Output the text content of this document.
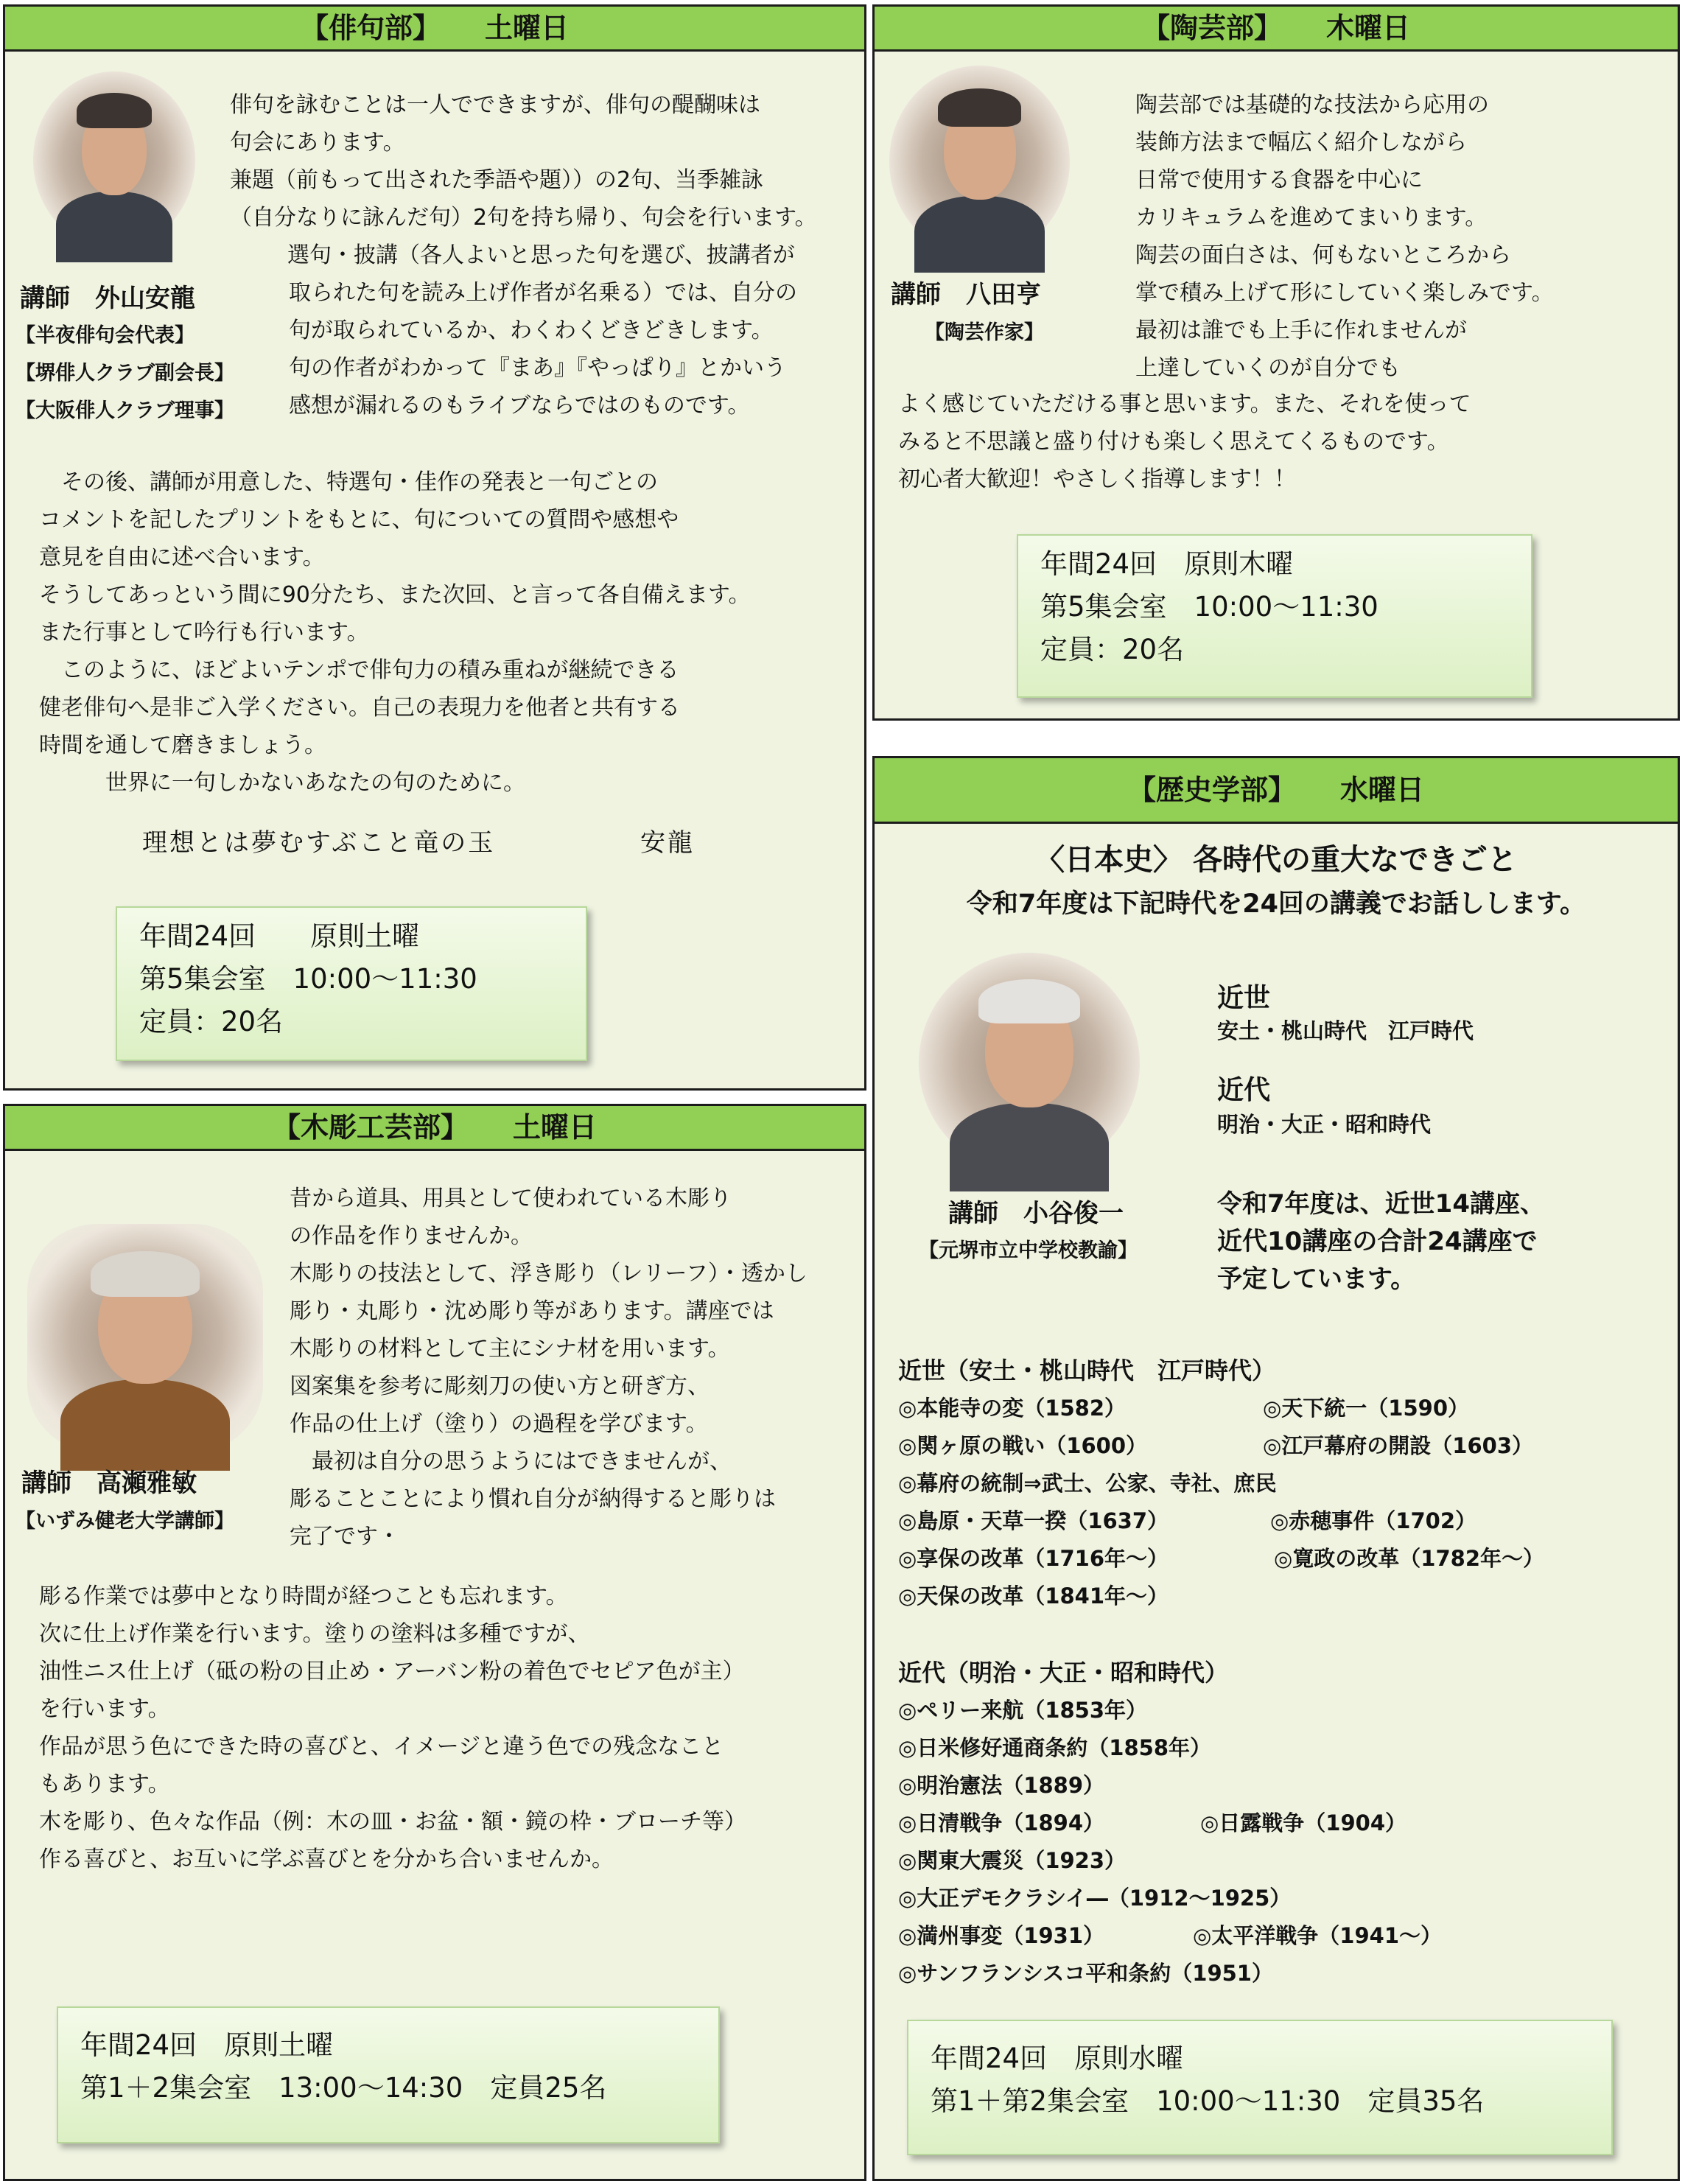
【俳句部】 土曜日
俳句を詠むことは一人でできますが、俳句の醍醐味は
句会にあります。
兼題（前もって出された季語や題））の2句、当季雑詠
（自分なりに詠んだ句）2句を持ち帰り、句会を行います。
　選句・披講（各人よいと思った句を選び、披講者が
取られた句を読み上げ作者が名乗る）では、自分の
句が取られているか、わくわくどきどきします。
句の作者がわかって『まあ』『やっぱり』とかいう
感想が漏れるのもライブならではのものです。
講師　外山安龍
【半夜俳句会代表】
【堺俳人クラブ副会長】
【大阪俳人クラブ理事】
　その後、講師が用意した、特選句・佳作の発表と一句ごとの
コメントを記したプリントをもとに、句についての質問や感想や
意見を自由に述べ合います。
そうしてあっという間に90分たち、また次回、と言って各自備えます。
また行事として吟行も行います。
　このように、ほどよいテンポで俳句力の積み重ねが継続できる
健老俳句へ是非ご入学ください。自己の表現力を他者と共有する
時間を通して磨きましょう。
　　　世界に一句しかないあなたの句のために。
理想とは夢むすぶこと竜の玉	安龍
年間24回　　原則土曜
第5集会室　10:00～11:30
定員：20名
【陶芸部】 木曜日
陶芸部では基礎的な技法から応用の
装飾方法まで幅広く紹介しながら
日常で使用する食器を中心に
カリキュラムを進めてまいります。
陶芸の面白さは、何もないところから
掌で積み上げて形にしていく楽しみです。
最初は誰でも上手に作れませんが
上達していくのが自分でも
講師　八田亨
【陶芸作家】
よく感じていただける事と思います。また、それを使って
みると不思議と盛り付けも楽しく思えてくるものです。
初心者大歓迎！やさしく指導します！！
年間24回　原則木曜
第5集会室　10:00～11:30
定員：20名
【木彫工芸部】 土曜日
昔から道具、用具として使われている木彫り
の作品を作りませんか。
木彫りの技法として、浮き彫り（レリーフ）・透かし
彫り・丸彫り・沈め彫り等があります。講座では
木彫りの材料として主にシナ材を用います。
図案集を参考に彫刻刀の使い方と研ぎ方、
作品の仕上げ（塗り）の過程を学びます。
　最初は自分の思うようにはできませんが、
彫ることことにより慣れ自分が納得すると彫りは
完了です・
講師　高瀬雅敏
【いずみ健老大学講師】
彫る作業では夢中となり時間が経つことも忘れます。
次に仕上げ作業を行います。塗りの塗料は多種ですが、
油性ニス仕上げ（砥の粉の目止め・アーバン粉の着色でセピア色が主）
を行います。
作品が思う色にできた時の喜びと、イメージと違う色での残念なこと
もあります。
木を彫り、色々な作品（例：木の皿・お盆・額・鏡の枠・ブローチ等）
作る喜びと、お互いに学ぶ喜びとを分かち合いませんか。
年間24回　原則土曜
第1＋2集会室　13:00～14:30　定員25名
【歴史学部】 水曜日
〈日本史〉 各時代の重大なできごと
令和7年度は下記時代を24回の講義でお話しします。
近世
安土・桃山時代　江戸時代
近代
明治・大正・昭和時代
講師　小谷俊一
【元堺市立中学校教諭】
令和7年度は、近世14講座、
近代10講座の合計24講座で
予定しています。
近世（安土・桃山時代　江戸時代）
◎本能寺の変（1582）	◎天下統一（1590）
◎関ヶ原の戦い（1600）	◎江戸幕府の開設（1603）
◎幕府の統制⇒武士、公家、寺社、庶民
◎島原・天草一揆（1637）	◎赤穂事件（1702）
◎享保の改革（1716年～）	◎寛政の改革（1782年～）
◎天保の改革（1841年～）
近代（明治・大正・昭和時代）
◎ペリー来航（1853年）
◎日米修好通商条約（1858年）
◎明治憲法（1889）
◎日清戦争（1894）	◎日露戦争（1904）
◎関東大震災（1923）
◎大正デモクラシイ―（1912～1925）
◎満州事変（1931）	◎太平洋戦争（1941～）
◎サンフランシスコ平和条約（1951）
年間24回　原則水曜
第1＋第2集会室　10:00～11:30　定員35名
